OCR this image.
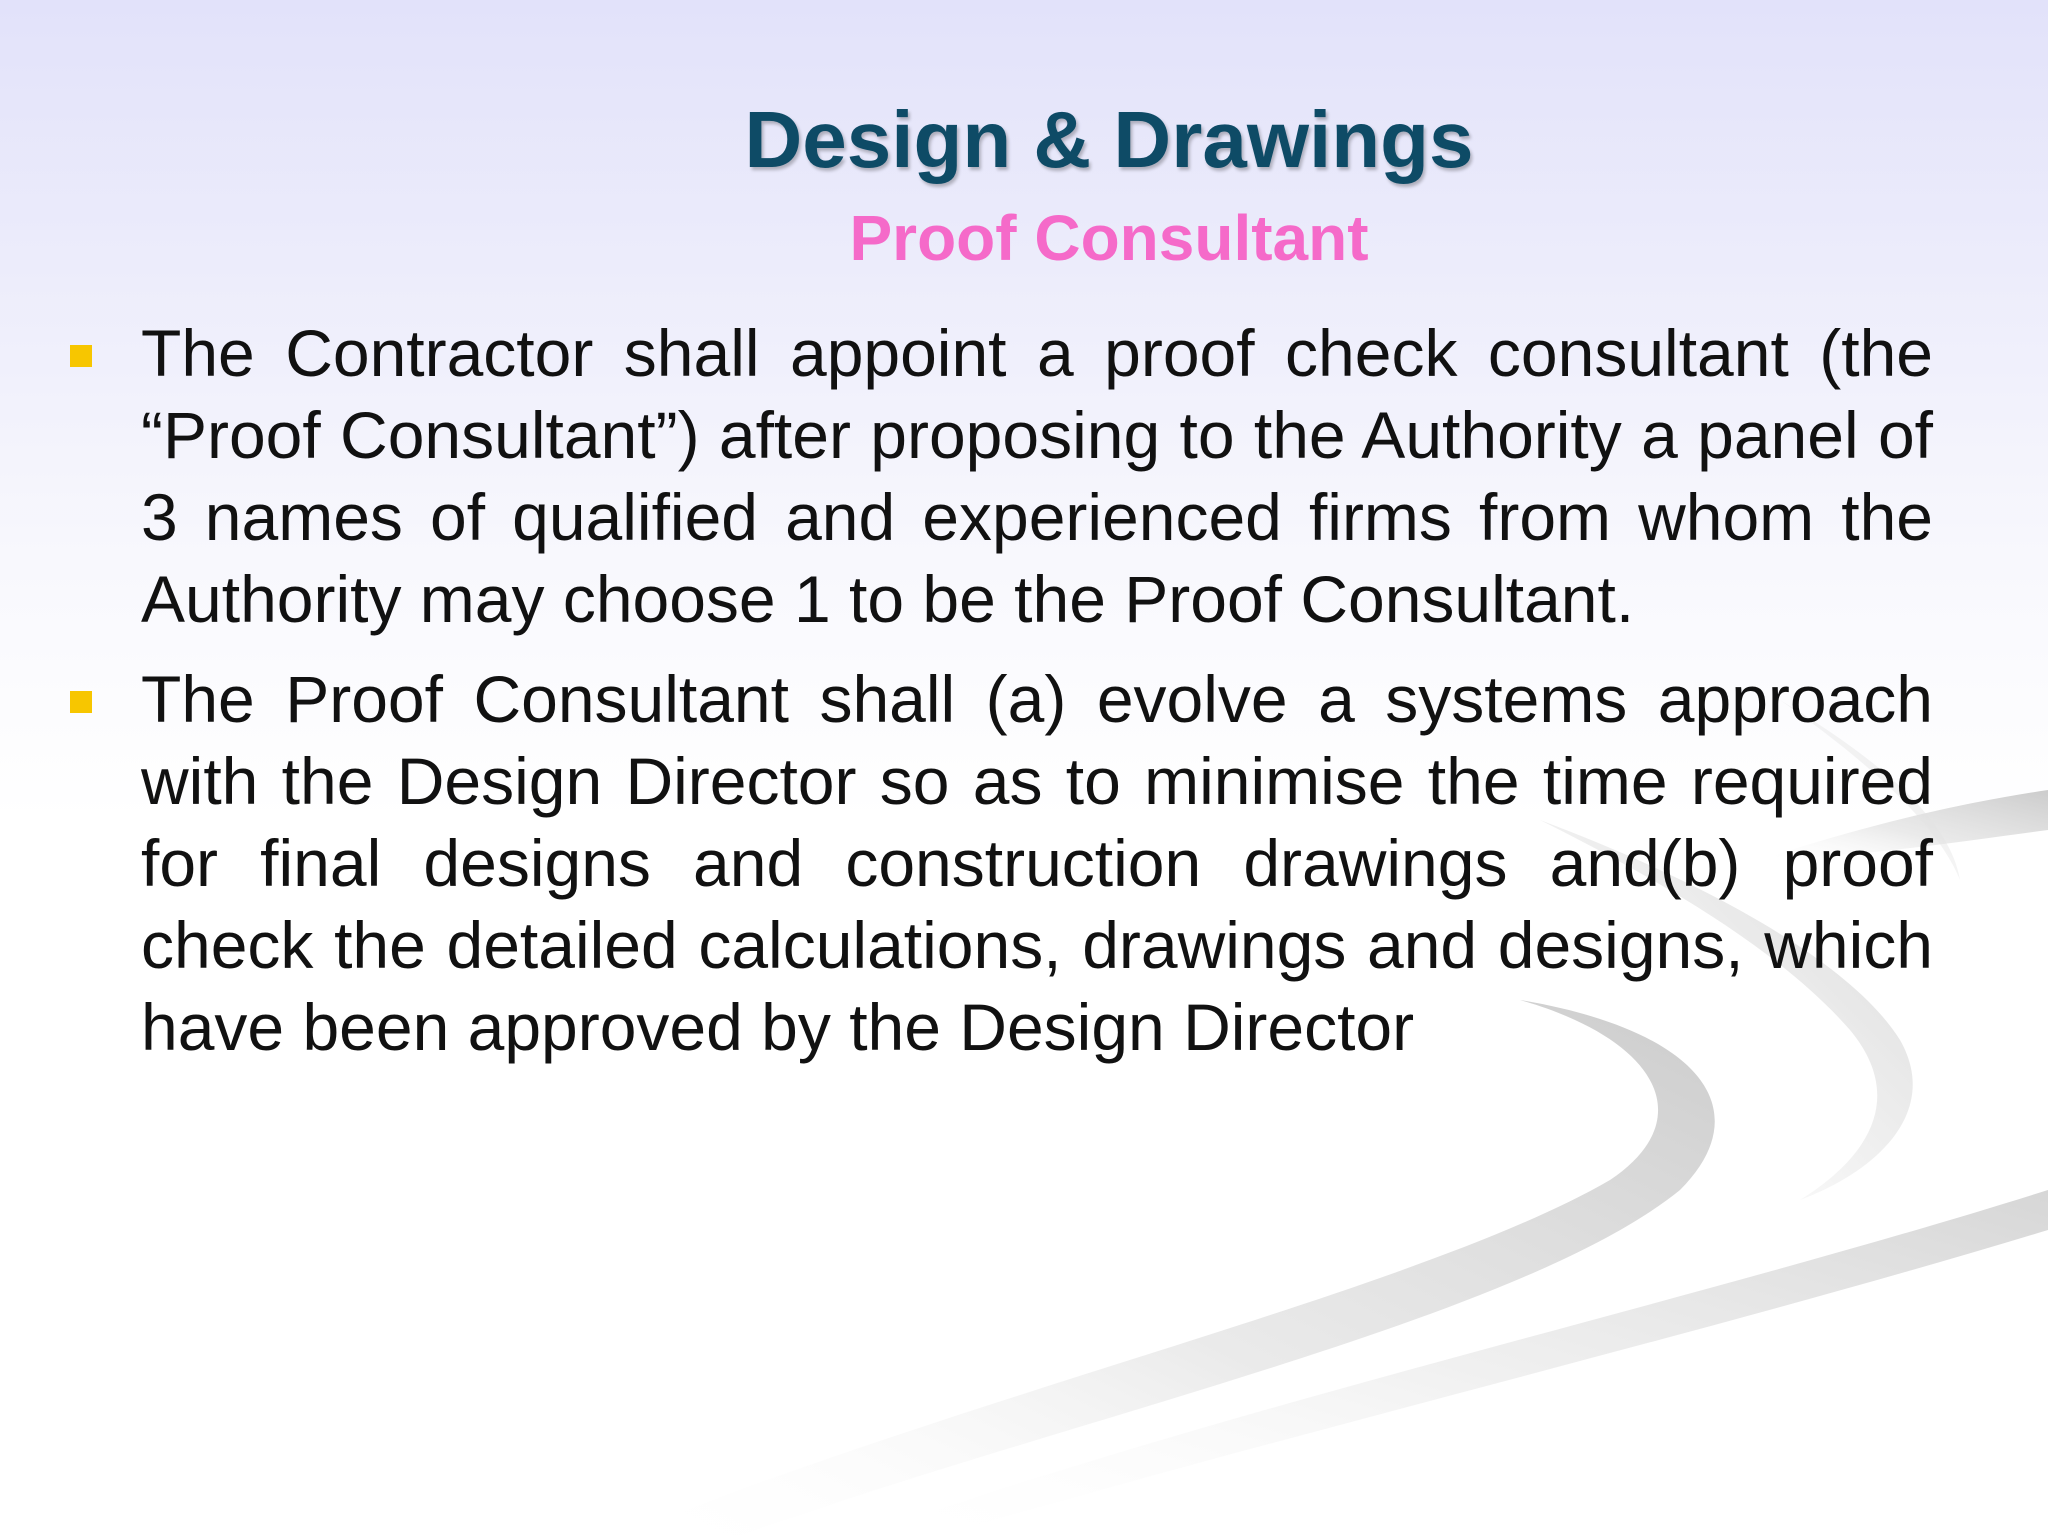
Design & Drawings
Proof Consultant
The Contractor shall appoint a proof check consultant (the “Proof Consultant”) after proposing to the Authority a panel of 3 names of qualified and experienced firms from whom the Authority may choose 1 to be the Proof Consultant.
The Proof Consultant shall (a) evolve a systems approach with the Design Director so as to minimise the time required for final designs and construction drawings and(b) proof check the detailed calculations, drawings and designs, which have been approved by the Design Director
